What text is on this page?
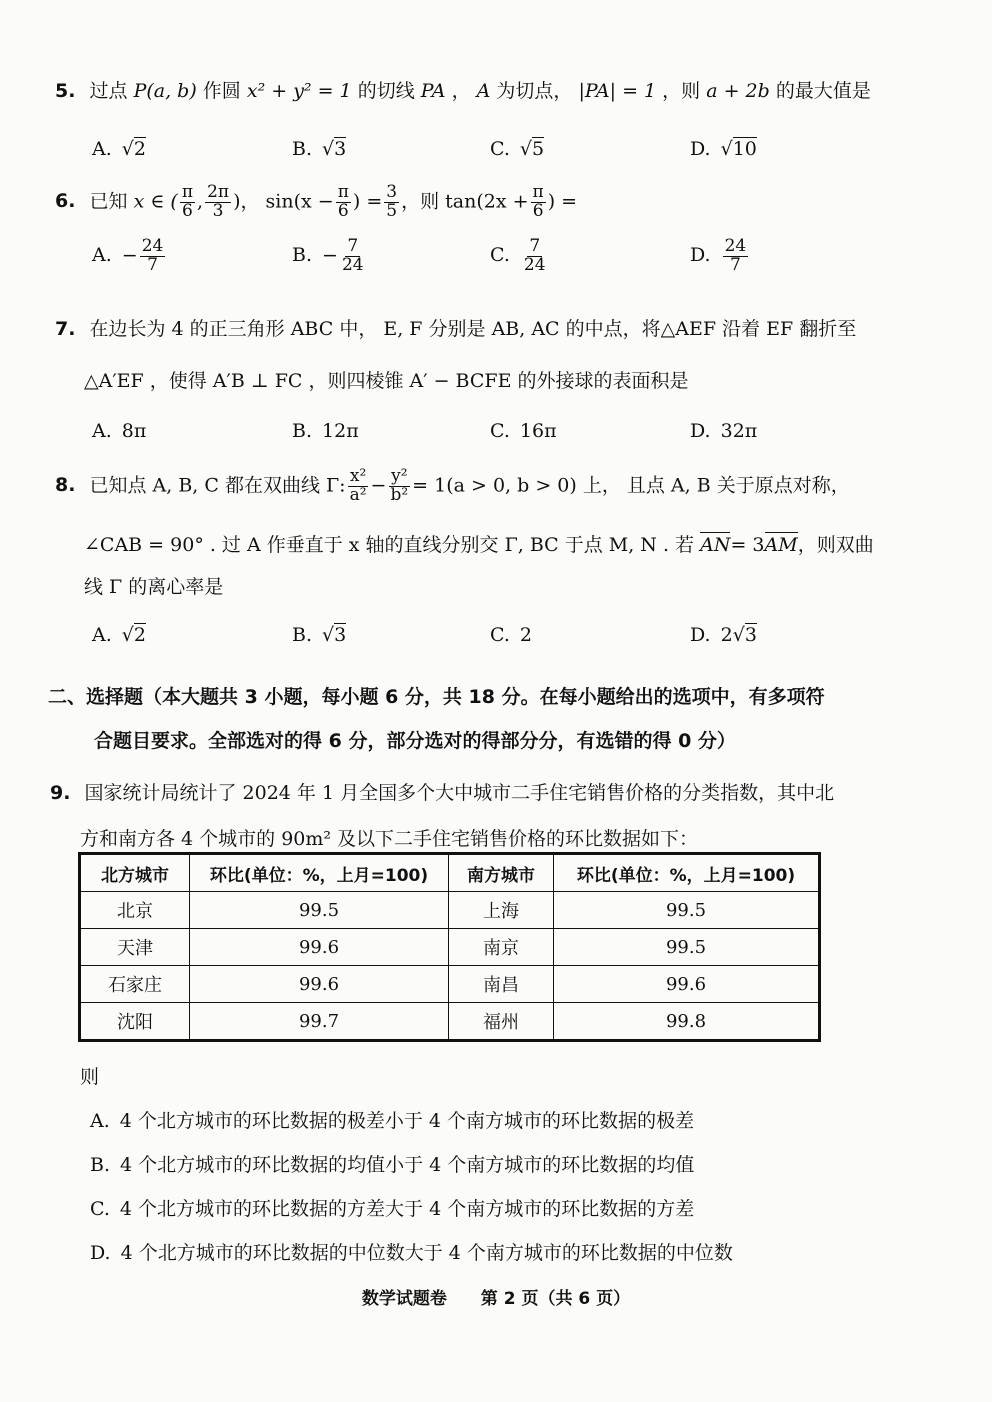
5. 过点 P(a, b) 作圆 x² + y² = 1 的切线 PA ， A 为切点， |PA| = 1 ，则 a + 2b 的最大值是
A. √2	B. √3	C. √5	D. √10
6. 已知 x ∈ ( $\frac{\pi}{6}$ , $\frac{2\pi}{3}$ )， $\sin(x - \frac{\pi}{6}$ ) = $\frac{3}{5}$ ，则 $\tan(2x + \frac{\pi}{6}$ ) =
A. − $\frac{24}{7}$	B. − $\frac{7}{24}$	C. $\frac{7}{24}$	D. $\frac{24}{7}$
7. 在边长为 4 的正三角形 ABC 中， E, F 分别是 AB, AC 的中点，将△AEF 沿着 EF 翻折至
△A′EF ，使得 A′B ⊥ FC ，则四棱锥 A′ − BCFE 的外接球的表面积是
A. 8π	B. 12π	C. 16π	D. 32π
8. 已知点 A, B, C 都在双曲线 Γ: $\frac{\text{x²}}{\text{a²}} - \frac{\text{y²}}{\text{b²}} = 1(a > 0$, b > 0) 上， 且点 A, B 关于原点对称，
∠CAB = 90° . 过 A 作垂直于 x 轴的直线分别交 Γ, BC 于点 M, N . 若 AN= 3AM，则双曲
线 Γ 的离心率是
A. √2	B. √3	C. 2	D. 2√3
二、选择题（本大题共 3 小题，每小题 6 分，共 18 分。在每小题给出的选项中，有多项符
合题目要求。全部选对的得 6 分，部分选对的得部分分，有选错的得 0 分）
9. 国家统计局统计了 2024 年 1 月全国多个大中城市二手住宅销售价格的分类指数，其中北
方和南方各 4 个城市的 90m² 及以下二手住宅销售价格的环比数据如下：
北方城市	环比(单位：%，上月=100)	南方城市	环比(单位：%，上月=100)
北京	99.5	上海	99.5
天津	99.6	南京	99.5
石家庄	99.6	南昌	99.6
沈阳	99.7	福州	99.8
则
A. 4 个北方城市的环比数据的极差小于 4 个南方城市的环比数据的极差
B. 4 个北方城市的环比数据的均值小于 4 个南方城市的环比数据的均值
C. 4 个北方城市的环比数据的方差大于 4 个南方城市的环比数据的方差
D. 4 个北方城市的环比数据的中位数大于 4 个南方城市的环比数据的中位数
数学试题卷 第 2 页（共 6 页）
